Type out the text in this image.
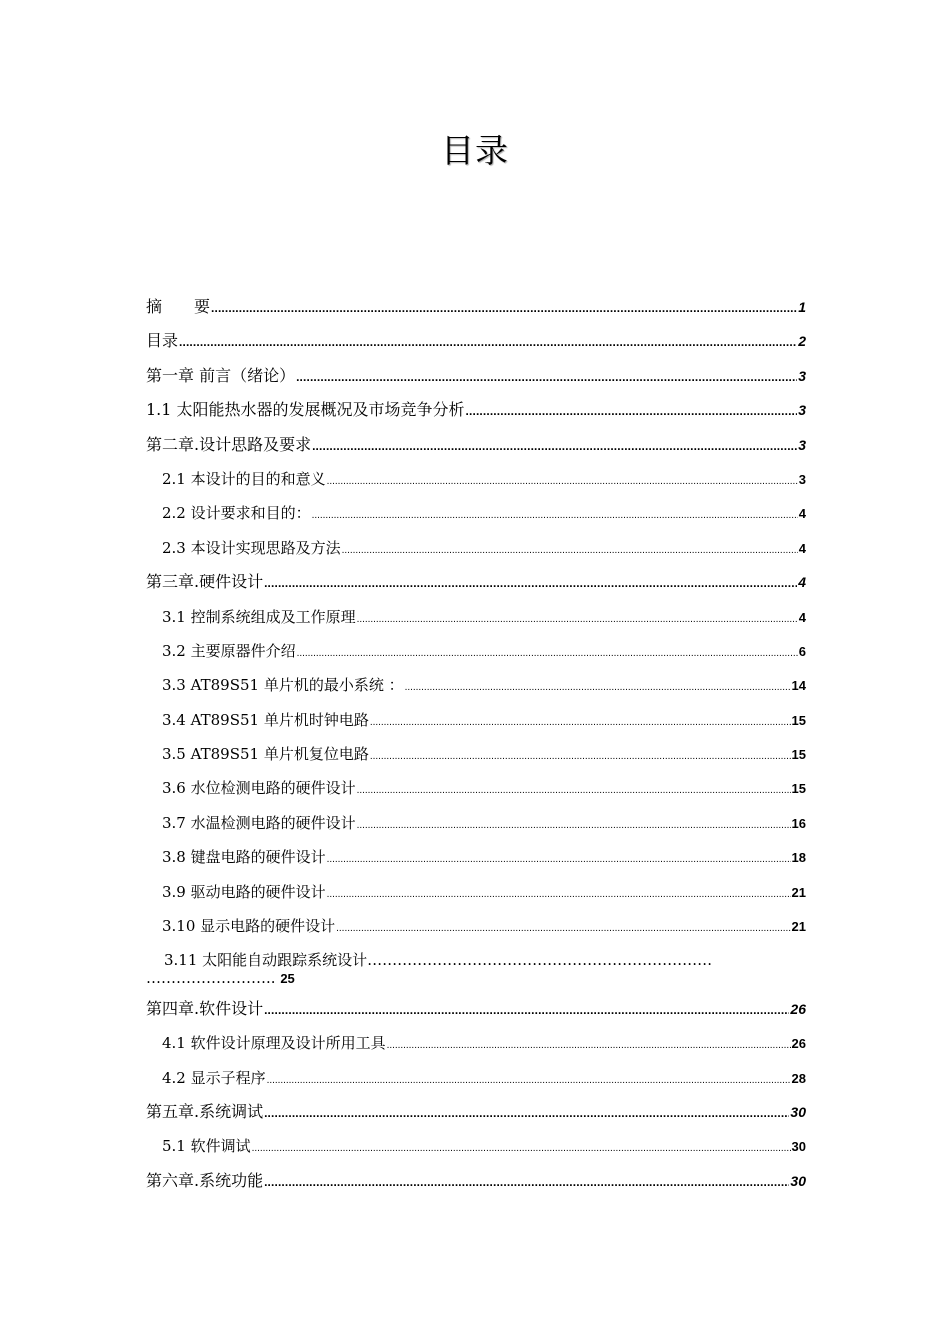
目录
摘　　要 . . .	1
目录 . . .	2
第一章 前言（绪论） . . .	3
1.1 太阳能热水器的发展概况及市场竞争分析 . . .	3
第二章.设计思路及要求 . . .	3
2.1 本设计的目的和意义 . . .	3
2.2 设计要求和目的： . . .	4
2.3 本设计实现思路及方法 . . .	4
第三章.硬件设计 . . .	4
3.1 控制系统组成及工作原理 . . .	4
3.2 主要原器件介绍 . . .	6
3.3 AT89S51 单片机的最小系统 ： . . .	14
3.4 AT89S51 单片机时钟电路 . . .	15
3.5 AT89S51 单片机复位电路 . . .	15
3.6 水位检测电路的硬件设计 . . .	15
3.7 水温检测电路的硬件设计 . . .	16
3.8 键盘电路的硬件设计 . . .	18
3.9 驱动电路的硬件设计 . . .	21
3.10 显示电路的硬件设计 . . .	21
3.11 太阳能自动跟踪系统设计……………………………………………………………
…………………….. 25
第四章.软件设计 . . .	26
4.1 软件设计原理及设计所用工具 . . .	26
4.2 显示子程序 . . .	28
第五章.系统调试 . . .	30
5.1 软件调试 . . .	30
第六章.系统功能 . . .	30
